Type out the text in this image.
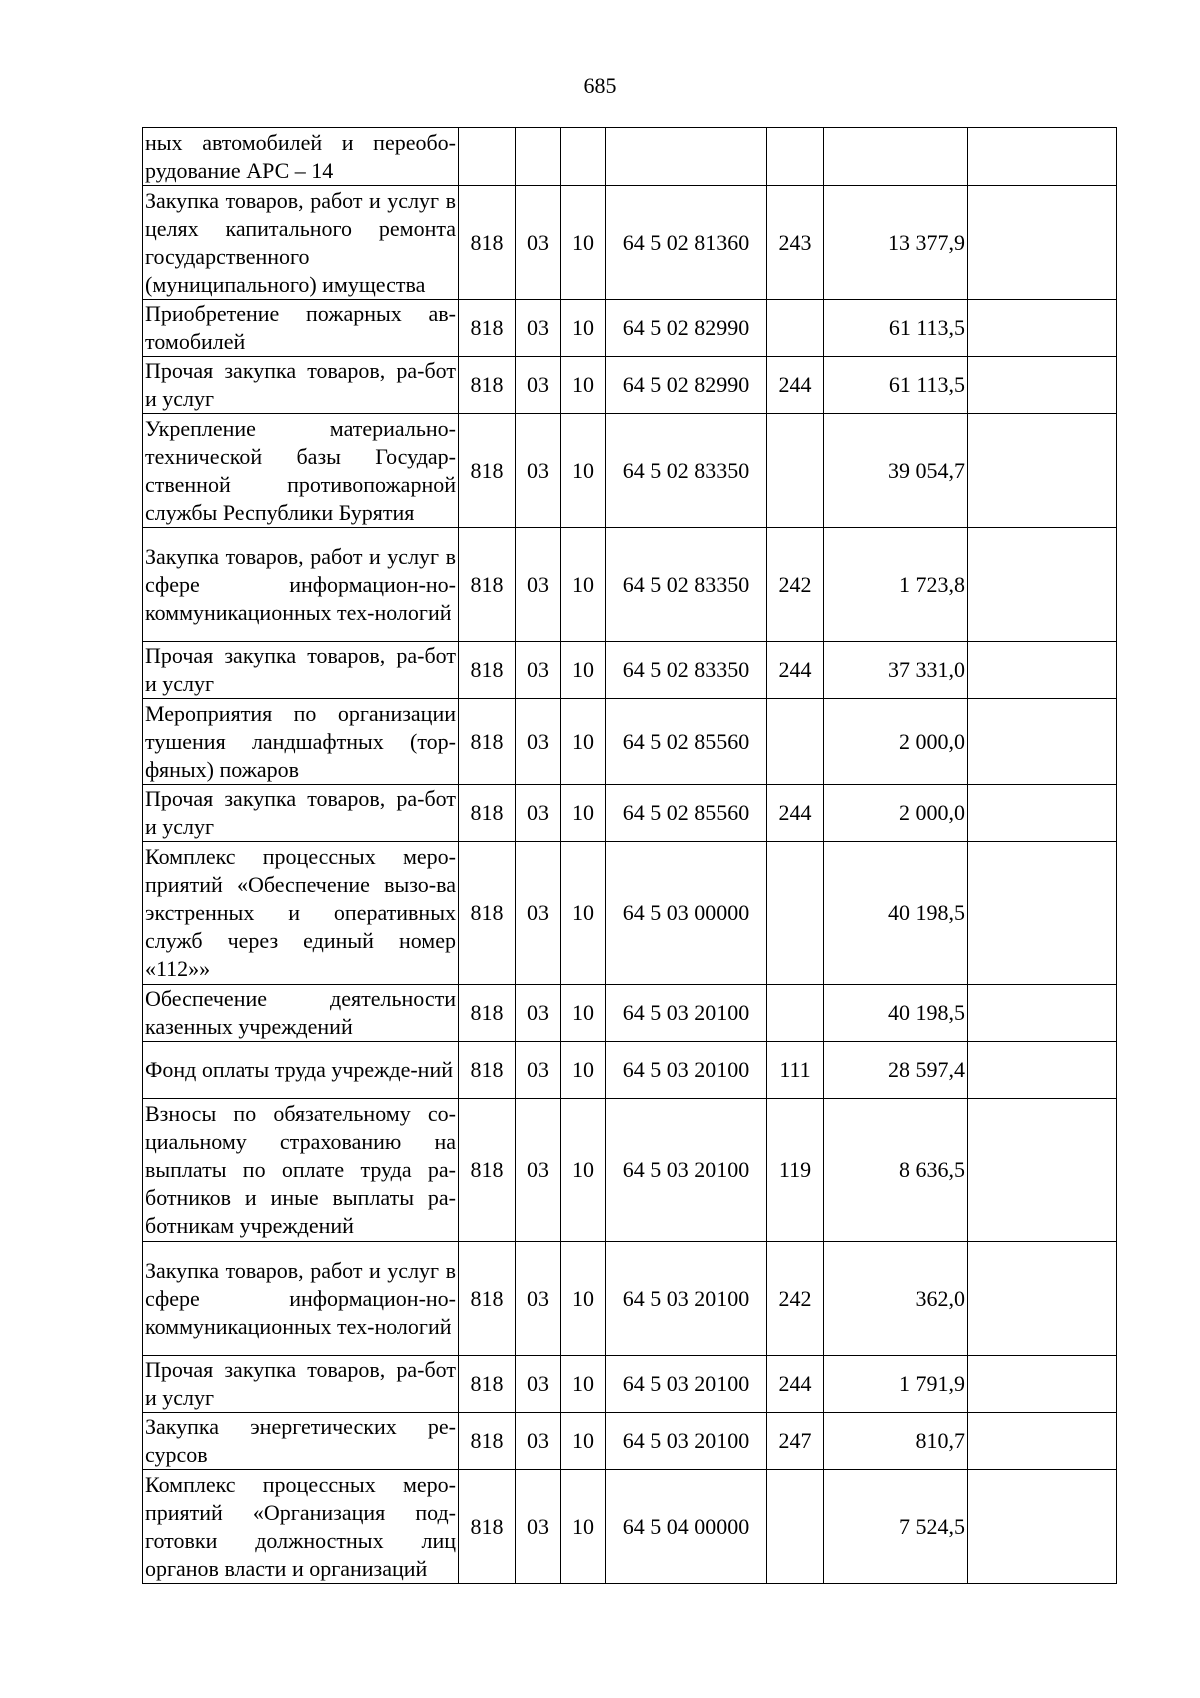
685
ных автомобилей и переобо-рудование АРС – 14							
Закупка товаров, работ и услуг в целях капитального ремонта государственного (муниципального) имущества	818	03	10	64 5 02 81360	243	13 377,9	
Приобретение пожарных ав-томобилей	818	03	10	64 5 02 82990		61 113,5	
Прочая закупка товаров, ра-бот и услуг	818	03	10	64 5 02 82990	244	61 113,5	
Укрепление материально-технической базы Государ-ственной противопожарной службы Республики Бурятия	818	03	10	64 5 02 83350		39 054,7	
Закупка товаров, работ и услуг в сфере информацион-но-коммуникационных тех-нологий	818	03	10	64 5 02 83350	242	1 723,8	
Прочая закупка товаров, ра-бот и услуг	818	03	10	64 5 02 83350	244	37 331,0	
Мероприятия по организации тушения ландшафтных (тор-фяных) пожаров	818	03	10	64 5 02 85560		2 000,0	
Прочая закупка товаров, ра-бот и услуг	818	03	10	64 5 02 85560	244	2 000,0	
Комплекс процессных меро-приятий «Обеспечение вызо-ва экстренных и оперативных служб через единый номер «112»»	818	03	10	64 5 03 00000		40 198,5	
Обеспечение деятельности казенных учреждений	818	03	10	64 5 03 20100		40 198,5	
Фонд оплаты труда учрежде-ний	818	03	10	64 5 03 20100	111	28 597,4	
Взносы по обязательному со-циальному страхованию на выплаты по оплате труда ра-ботников и иные выплаты ра-ботникам учреждений	818	03	10	64 5 03 20100	119	8 636,5	
Закупка товаров, работ и услуг в сфере информацион-но-коммуникационных тех-нологий	818	03	10	64 5 03 20100	242	362,0	
Прочая закупка товаров, ра-бот и услуг	818	03	10	64 5 03 20100	244	1 791,9	
Закупка энергетических ре-сурсов	818	03	10	64 5 03 20100	247	810,7	
Комплекс процессных меро-приятий «Организация под-готовки должностных лиц органов власти и организаций	818	03	10	64 5 04 00000		7 524,5	
